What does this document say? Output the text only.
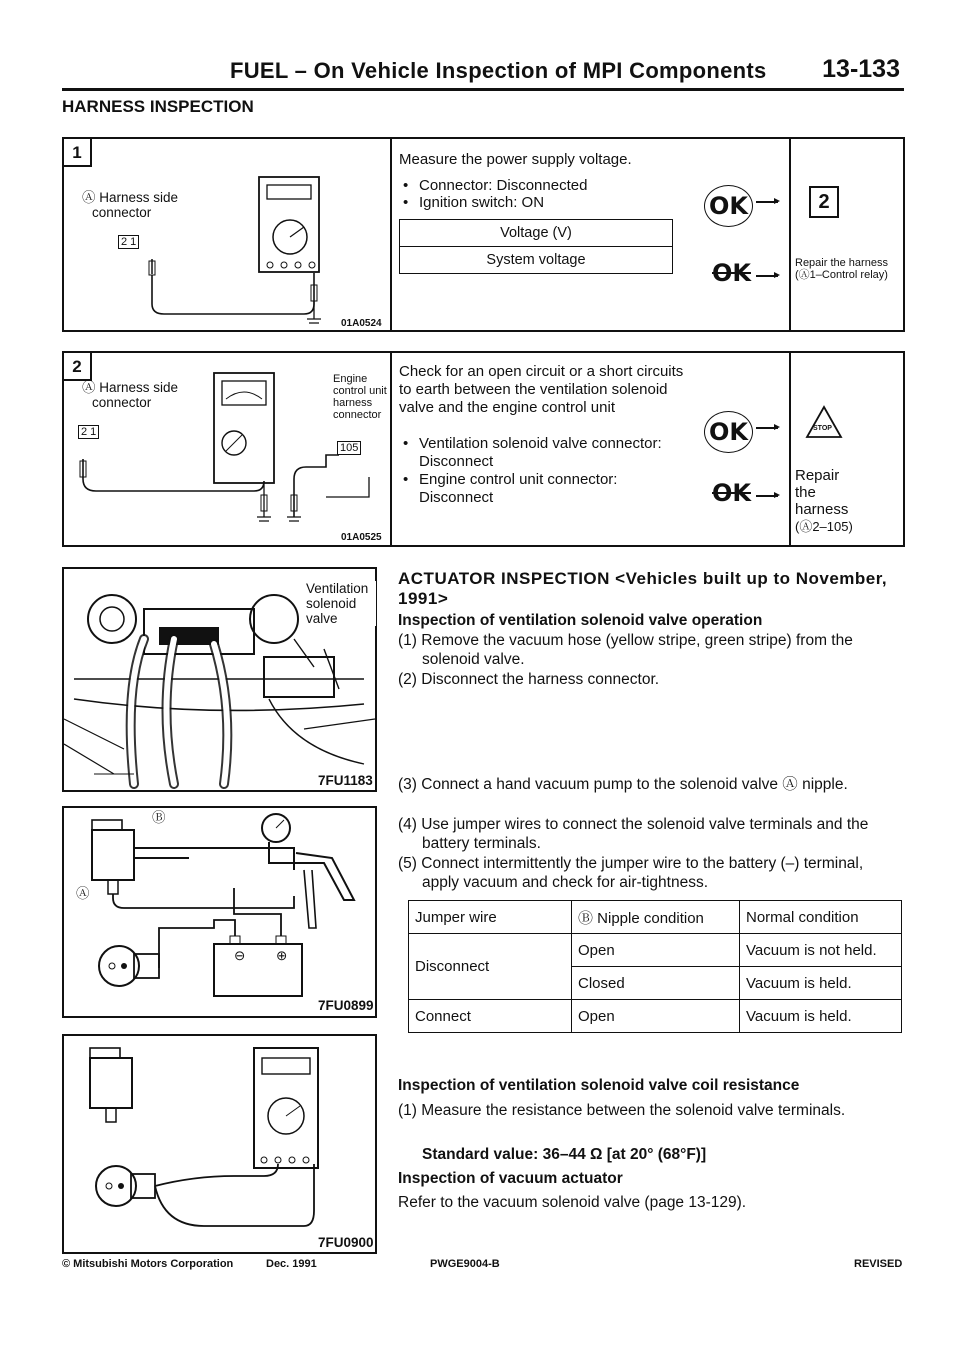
FUEL – On Vehicle Inspection of MPI Components 13-133
HARNESS INSPECTION
1
Ⓐ Harness side
connector
2 1
01A0524
Measure the power supply voltage.
• Connector: Disconnected
• Ignition switch: ON
Voltage (V)
System voltage
OK	2
OK	Repair the harness (Ⓐ1–Control relay)
2
Ⓐ Harness side
connector
2 1
Engine control unit harness connector
105
01A0525
Check for an open circuit or a short circuits to earth between the ventilation solenoid valve and the engine control unit
• Ventilation solenoid valve connector: Disconnect
• Engine control unit connector: Disconnect
OK	STOP
OK
Repair
the
harness
(Ⓐ2–105)
Ventilation solenoid valve
7FU1183
Ⓑ
Ⓐ
⊖ ⊕
7FU0899
7FU0900
ACTUATOR INSPECTION <Vehicles built up to November, 1991>
Inspection of ventilation solenoid valve operation
(1) Remove the vacuum hose (yellow stripe, green stripe) from the solenoid valve.
(2) Disconnect the harness connector.
(3) Connect a hand vacuum pump to the solenoid valve Ⓐ nipple.
(4) Use jumper wires to connect the solenoid valve terminals and the battery terminals.
(5) Connect intermittently the jumper wire to the battery (–) terminal, apply vacuum and check for air-tightness.
Jumper wire	Ⓑ Nipple condition	Normal condition
Disconnect	Open	Vacuum is not held.
	Closed	Vacuum is held.
Connect	Open	Vacuum is held.
Inspection of ventilation solenoid valve coil resistance
(1) Measure the resistance between the solenoid valve terminals.
Standard value: 36–44 Ω [at 20° (68°F)]
Inspection of vacuum actuator
Refer to the vacuum solenoid valve (page 13-129).
© Mitsubishi Motors Corporation	Dec. 1991	PWGE9004-B	REVISED
